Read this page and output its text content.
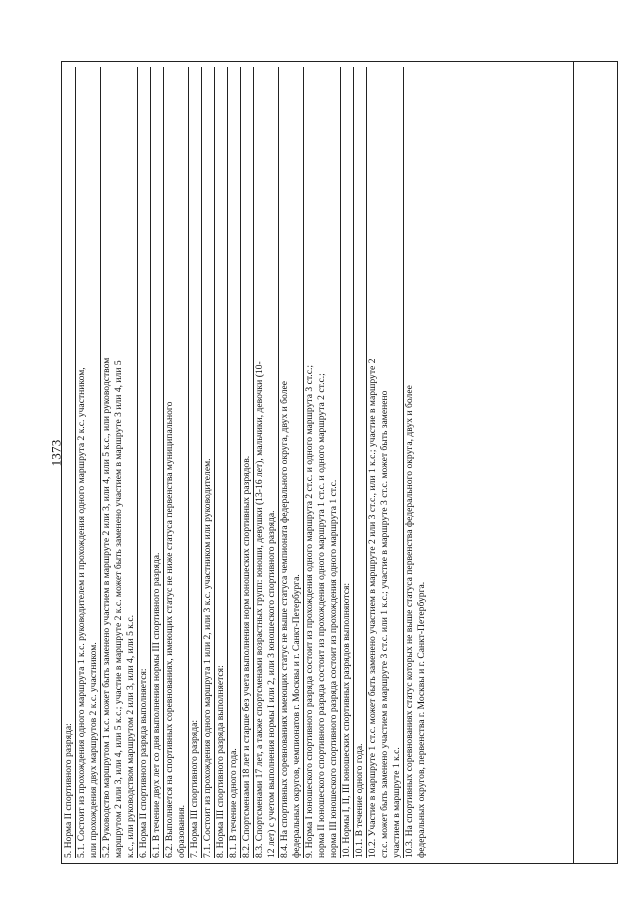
1373

5. Норма II спортивного разряда: 5.1. Состоит из прохождения одного маршрута 1 к.с. руководителем и прохождения одного маршрута 2 к.с. участником, или прохождения двух маршрутов 2 к.с. участником. 5.2. Руководство маршрутом 1 к.с. может быть заменено участием в маршруте 2 или 3, или 4, или 5 к.с., или руководством маршрутом 2 или 3, или 4, или 5 к.с.; участие в маршруте 2 к.с. может быть заменено участием в маршруте 3 или 4, или 5 к.с., или руководством маршрутом 2 или 3, или 4, или 5 к.с. 6. Норма II спортивного разряда выполняется: 6.1. В течение двух лет со дня выполнения нормы III спортивного разряда. 6.2. Выполняется на спортивных соревнованиях, имеющих статус не ниже статуса первенства муниципального образования. 7. Норма III спортивного разряда: 7.1. Состоит из прохождения одного маршрута 1 или 2, или 3 к.с. участником или руководителем. 8. Норма III спортивного разряда выполняется: 8.1. В течение одного года. 8.2. Спортсменами 18 лет и старше без учета выполнения норм юношеских спортивных разрядов. 8.3. Спортсменами 17 лет, а также спортсменами возрастных групп: юноши, девушки (13-16 лет), мальчики, девочки (10- 12 лет) с учетом выполнения нормы I или 2, или 3 юношеского спортивного разряда. 8.4. На спортивных соревнованиях имеющих статус не выше статуса чемпионата федерального округа, двух и более федеральных округов, чемпионатов г. Москвы и г. Санкт-Петербурга. 9. Норма I юношеского спортивного разряда состоит из прохождения одного маршрута 2 ст.с. и одного маршрута 3 ст.с.; норма II юношеского спортивного разряда состоит из прохождения одного маршрута 1 ст.с. и одного маршрута 2 ст.с.; норма III юношеского спортивного разряда состоит из прохождения одного маршрута 1 ст.с. 10. Нормы I, II, III юношеских спортивных разрядов выполняются: 10.1. В течение одного года. 10.2. Участие в маршруте 1 ст.с. может быть заменено участием в маршруте 2 или 3 ст.с., или 1 к.с.; участие в маршруте 2 ст.с. может быть заменено участием в маршруте 3 ст.с. или 1 к.с.; участие в маршруте 3 ст.с. может быть заменено участием в маршруте 1 к.с. 10.3. На спортивных соревнованиях статус которых не выше статуса первенства федерального округа, двух и более федеральных округов, первенства г. Москвы и г. Санкт-Петербурга.
